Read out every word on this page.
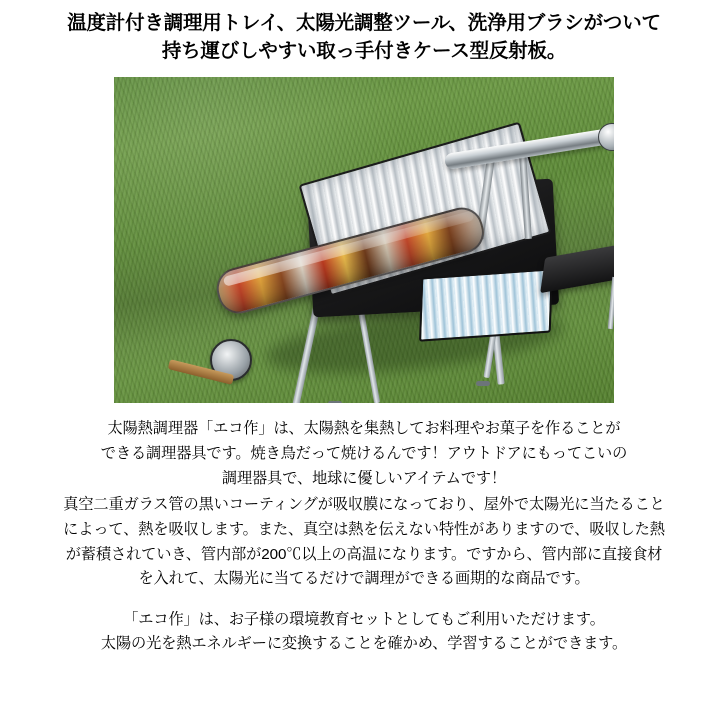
温度計付き調理用トレイ、太陽光調整ツール、洗浄用ブラシがついて
持ち運びしやすい取っ手付きケース型反射板。

太陽熱調理器「エコ作」は、太陽熱を集熱してお料理やお菓子を作ることが
できる調理器具です。焼き鳥だって焼けるんです！アウトドアにもってこいの
調理器具で、地球に優しいアイテムです！

真空二重ガラス管の黒いコーティングが吸収膜になっており、屋外で太陽光に当たること
によって、熱を吸収します。また、真空は熱を伝えない特性がありますので、吸収した熱
が蓄積されていき、管内部が200℃以上の高温になります。ですから、管内部に直接食材
を入れて、太陽光に当てるだけで調理ができる画期的な商品です。

「エコ作」は、お子様の環境教育セットとしてもご利用いただけます。
太陽の光を熱エネルギーに変換することを確かめ、学習することができます。
